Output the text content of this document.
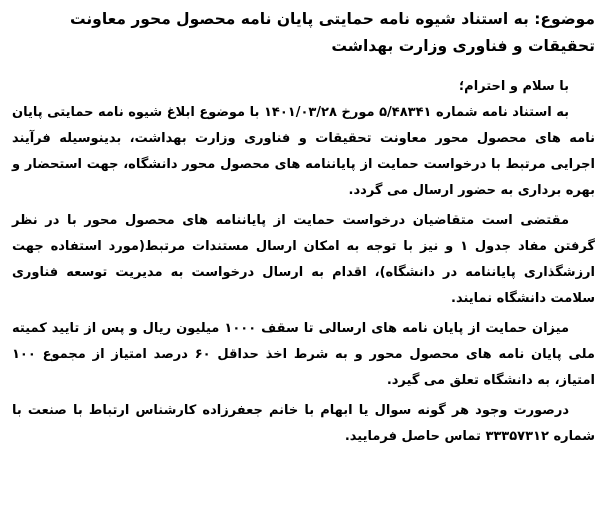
موضوع: به استناد شیوه نامه حمایتی پایان نامه محصول محور معاونت تحقیقات و فناوری وزارت بهداشت
با سلام و احترام؛

به استناد نامه شماره ۵/۴۸۳۴۱ مورخ ۱۴۰۱/۰۳/۲۸ با موضوع ابلاغ شیوه نامه حمایتی پایان نامه های محصول محور معاونت تحقیقات و فناوری وزارت بهداشت، بدینوسیله فرآیند اجرایی مرتبط با درخواست حمایت از پایاننامه های محصول محور دانشگاه، جهت استحضار و بهره برداری به حضور ارسال می گردد.

مقتضی است متقاضیان درخواست حمایت از پایاننامه های محصول محور با در نظر گرفتن مفاد جدول ۱ و نیز با توجه به امکان ارسال مستندات مرتبط(مورد استفاده جهت ارزشگذاری پایاننامه در دانشگاه)، اقدام به ارسال درخواست به مدیریت توسعه فناوری سلامت دانشگاه نمایند.

میزان حمایت از پایان نامه های ارسالی تا سقف ۱۰۰۰ میلیون ریال و پس از تایید کمیته ملی پایان نامه های محصول محور و به شرط اخذ حداقل ۶۰ درصد امتیاز از مجموع ۱۰۰ امتیاز، به دانشگاه تعلق می گیرد.

درصورت وجود هر گونه سوال یا ابهام با خانم جعفرزاده کارشناس ارتباط با صنعت با شماره ۳۳۳۵۷۳۱۲ تماس حاصل فرمایید.
